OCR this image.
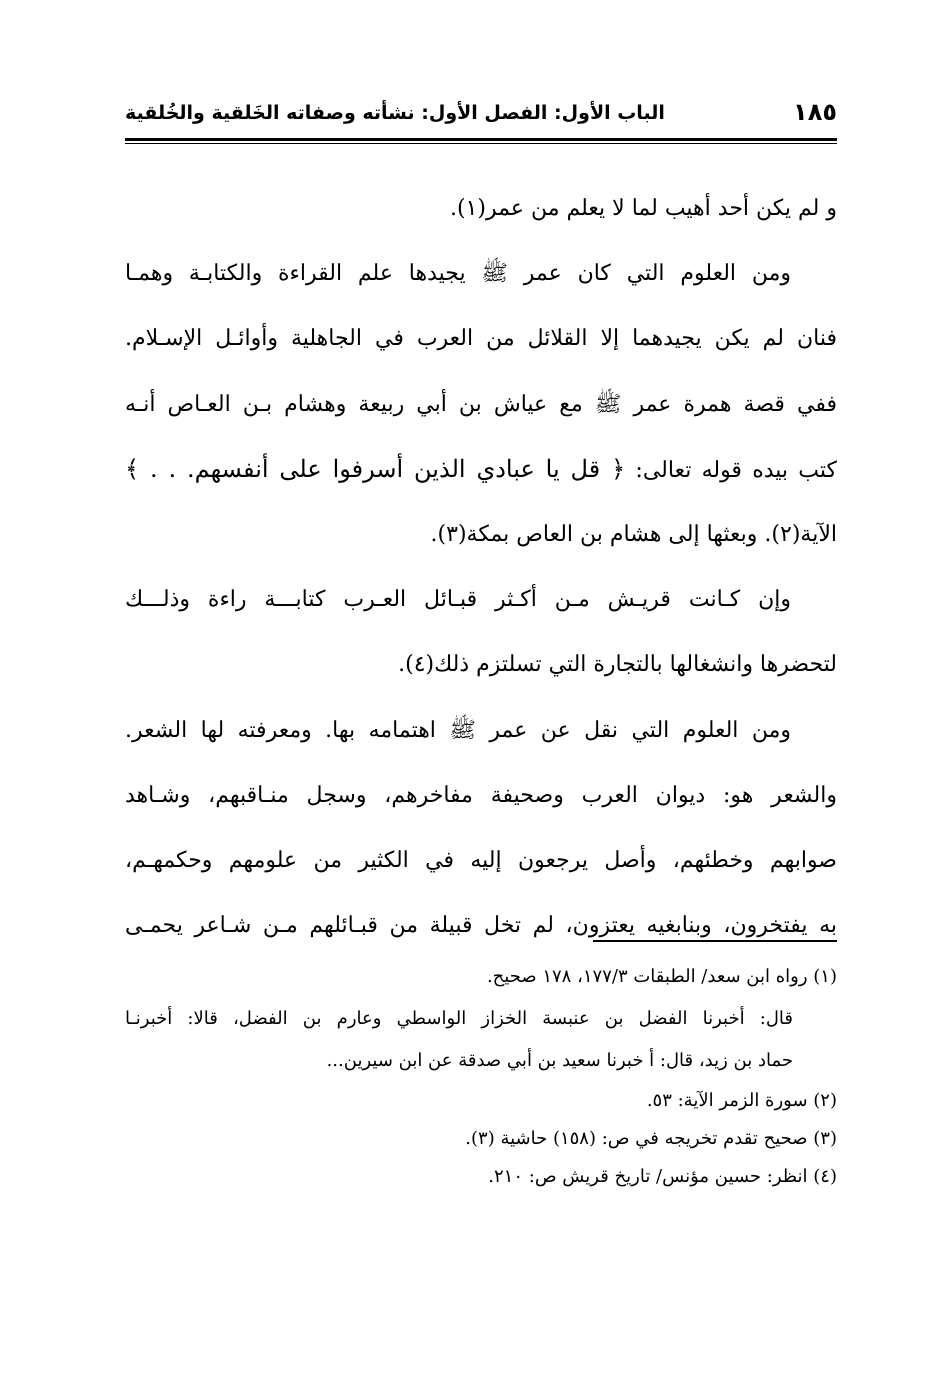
١٨٥
الباب الأول: الفصل الأول: نشأته وصفاته الخَلقية والخُلقية
و لم يكن أحد أهيب لما لا يعلم من عمر(١).
ومن العلوم التي كان عمر ﷺ يجيدها علم القراءة والكتابـة وهمـا
فنان لم يكن يجيدهما إلا القلائل من العرب في الجاهلية وأوائـل الإسـلام.
ففي قصة همرة عمر ﷺ مع عياش بن أبي ربيعة وهشام بـن العـاص أنـه
كتب بيده قوله تعالى: ﴿ قل يا عبادي الذين أسرفوا على أنفسهم. . . ﴾
الآية(٢). وبعثها إلى هشام بن العاص بمكة(٣).
وإن كـانت قريـش مـن أكـثر قبـائل العـرب كتابـــة راءة وذلـــك
لتحضرها وانشغالها بالتجارة التي تسلتزم ذلك(٤).
ومن العلوم التي نقل عن عمر ﷺ اهتمامه بها. ومعرفته لها الشعر.
والشعر هو: ديوان العرب وصحيفة مفاخرهم، وسجل منـاقبهم، وشـاهد
صوابهم وخطئهم، وأصل يرجعون إليه في الكثير من علومهم وحكمهـم،
به يفتخرون، وبنابغيه يعتزون، لم تخل قبيلة من قبـائلهم مـن شـاعر يحمـى
(١) رواه ابن سعد/ الطبقات ١٧٧/٣، ١٧٨ صحيح.
قال: أخبرنا الفضل بن عنبسة الخزاز الواسطي وعارم بن الفضل، قالا: أخبرنـا
حماد بن زيد، قال: أ خبرنا سعيد بن أبي صدقة عن ابن سيرين...
(٢) سورة الزمر الآية: ٥٣.
(٣) صحيح تقدم تخريجه في ص: (١٥٨) حاشية (٣).
(٤) انظر: حسين مؤنس/ تاريخ قريش ص: ٢١٠.
